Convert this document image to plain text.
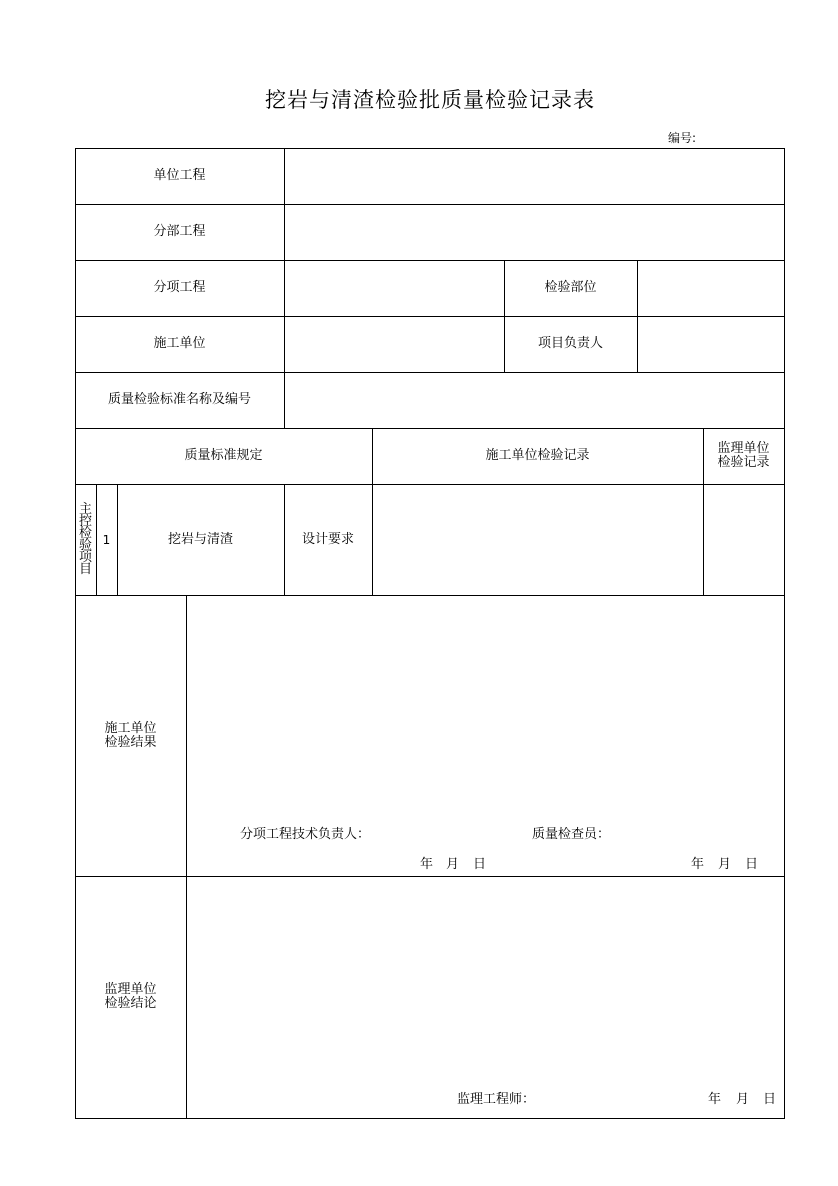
挖岩与清渣检验批质量检验记录表
编号:
单位工程
分部工程
分项工程	检验部位
施工单位	项目负责人
质量检验标准名称及编号
质量标准规定	施工单位检验记录	监理单位
检验记录
主
控
检
验
项
目
1	挖岩与清渣	设计要求
施工单位
检验结果
分项工程技术负责人：	质量检查员：
年 月 日	年 月 日
监理单位
检验结论
监理工程师：	年 月 日
